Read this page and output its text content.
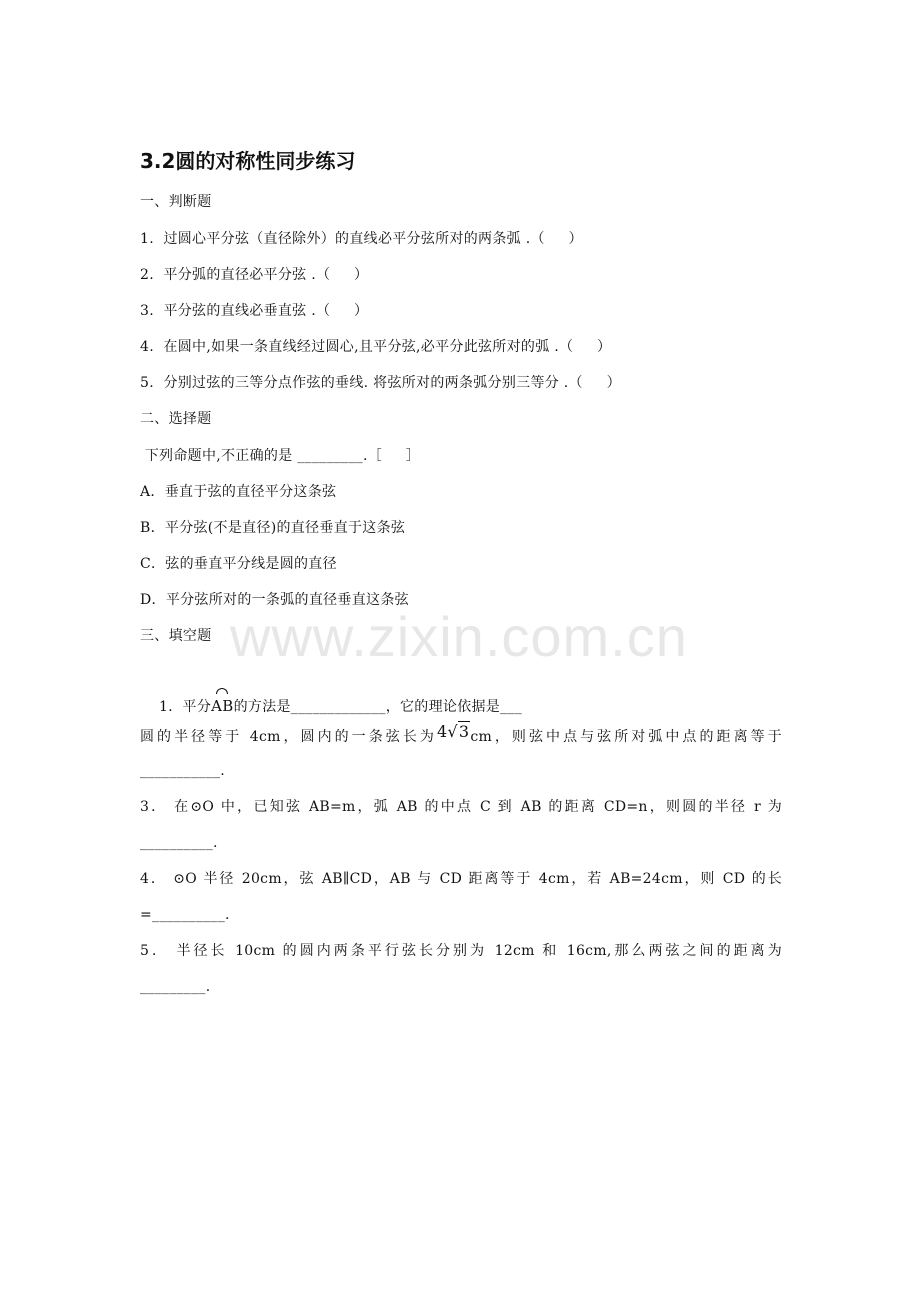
3.2圆的对称性同步练习
一、判断题
1.  过圆心平分弦（直径除外）的直线必平分弦所对的两条弧 .（     ）
2.  平分弧的直径必平分弦 .（     ）
3.  平分弦的直线必垂直弦 .（     ）
4.  在圆中,如果一条直线经过圆心,且平分弦,必平分此弦所对的弧 .（     ）
5.  分别过弦的三等分点作弦的垂线. 将弦所对的两条弧分别三等分 .（     ）
二、选择题
下列命题中,不正确的是 _________.［     ］
A．垂直于弦的直径平分这条弦
B．平分弦(不是直径)的直径垂直于这条弦
C．弦的垂直平分线是圆的直径
D．平分弦所对的一条弧的直径垂直这条弦
三、填空题

1．平分AB的方法是_____________，它的理论依据是___

圆的半径等于 4cm，圆内的一条弦长为4√3cm，则弦中点与弦所对弧中点的距离等于
___________.
3． 在⊙O 中，已知弦 AB=m，弧 AB 的中点 C 到 AB 的距离 CD=n，则圆的半径 r 为
__________.
4． ⊙O 半径 20cm，弦 AB∥CD，AB 与 CD 距离等于 4cm，若 AB=24cm，则 CD 的长
=__________.
5． 半径长 10cm 的圆内两条平行弦长分别为 12cm 和 16cm,那么两弦之间的距离为
_________.
www.zixin.com.cn
